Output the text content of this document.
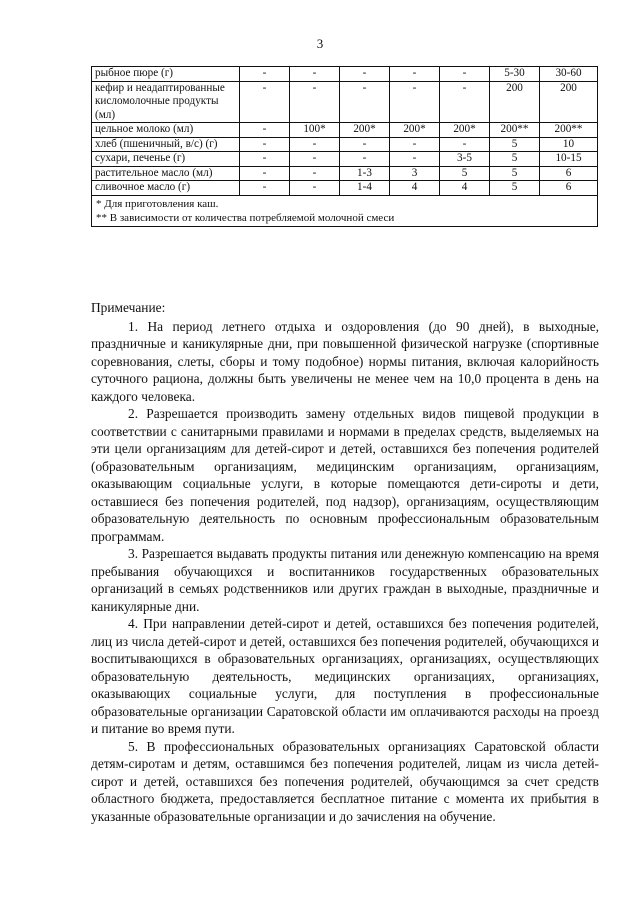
3
рыбное пюре (г)	-	-	-	-	-	5-30	30-60
кефир и неадаптированные кисломолочные продукты (мл)	-	-	-	-	-	200	200
цельное молоко (мл)	-	100*	200*	200*	200*	200**	200**
хлеб (пшеничный, в/с) (г)	-	-	-	-	-	5	10
сухари, печенье (г)	-	-	-	-	3-5	5	10-15
растительное масло (мл)	-	-	1-3	3	5	5	6
сливочное масло (г)	-	-	1-4	4	4	5	6

* Для приготовления каш.
** В зависимости от количества потребляемой молочной смеси							
Примечание:

1. На период летнего отдыха и оздоровления (до 90 дней), в выходные, праздничные и каникулярные дни, при повышенной физической нагрузке (спортивные соревнования, слеты, сборы и тому подобное) нормы питания, включая калорийность суточного рациона, должны быть увеличены не менее чем на 10,0 процента в день на каждого человека.

2. Разрешается производить замену отдельных видов пищевой продукции в соответствии с санитарными правилами и нормами в пределах средств, выделяемых на эти цели организациям для детей-сирот и детей, оставшихся без попечения родителей (образовательным организациям, медицинским организациям, организациям, оказывающим социальные услуги, в которые помещаются дети-сироты и дети, оставшиеся без попечения родителей, под надзор), организациям, осуществляющим образовательную деятельность по основным профессиональным образовательным программам.

3. Разрешается выдавать продукты питания или денежную компенсацию на время пребывания обучающихся и воспитанников государственных образовательных организаций в семьях родственников или других граждан в выходные, праздничные и каникулярные дни.

4. При направлении детей-сирот и детей, оставшихся без попечения родителей, лиц из числа детей-сирот и детей, оставшихся без попечения родителей, обучающихся и воспитывающихся в образовательных организациях, организациях, осуществляющих образовательную деятельность, медицинских организациях, организациях, оказывающих социальные услуги, для поступления в профессиональные образовательные организации Саратовской области им оплачиваются расходы на проезд и питание во время пути.

5. В профессиональных образовательных организациях Саратовской области детям-сиротам и детям, оставшимся без попечения родителей, лицам из числа детей-сирот и детей, оставшихся без попечения родителей, обучающимся за счет средств областного бюджета, предоставляется бесплатное питание с момента их прибытия в указанные образовательные организации и до зачисления на обучение.
